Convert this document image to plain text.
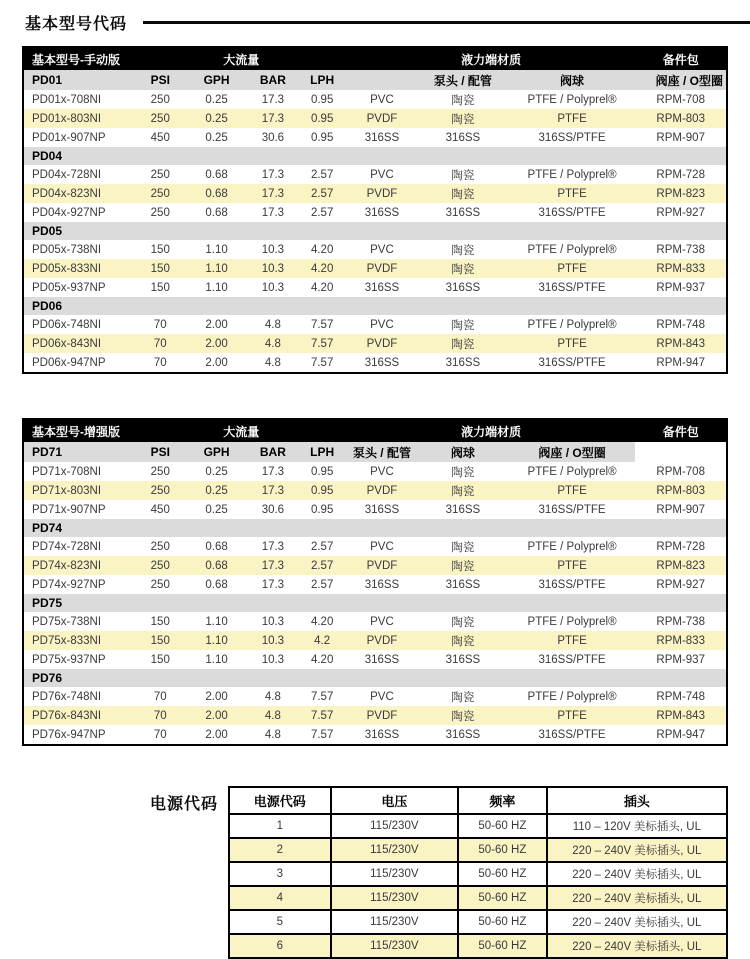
基本型号代码
基本型号-手动版	大流量				液力端材质			备件包
PD01	PSI	GPH	BAR	LPH		泵头 / 配管	阀球	阀座 / O型圈
PD01x-708NI	250	0.25	17.3	0.95	PVC	陶瓷	PTFE / Polyprel®	RPM-708
PD01x-803NI	250	0.25	17.3	0.95	PVDF	陶瓷	PTFE	RPM-803
PD01x-907NP	450	0.25	30.6	0.95	316SS	316SS	316SS/PTFE	RPM-907
PD04								
PD04x-728NI	250	0.68	17.3	2.57	PVC	陶瓷	PTFE / Polyprel®	RPM-728
PD04x-823NI	250	0.68	17.3	2.57	PVDF	陶瓷	PTFE	RPM-823
PD04x-927NP	250	0.68	17.3	2.57	316SS	316SS	316SS/PTFE	RPM-927
PD05								
PD05x-738NI	150	1.10	10.3	4.20	PVC	陶瓷	PTFE / Polyprel®	RPM-738
PD05x-833NI	150	1.10	10.3	4.20	PVDF	陶瓷	PTFE	RPM-833
PD05x-937NP	150	1.10	10.3	4.20	316SS	316SS	316SS/PTFE	RPM-937
PD06								
PD06x-748NI	70	2.00	4.8	7.57	PVC	陶瓷	PTFE / Polyprel®	RPM-748
PD06x-843NI	70	2.00	4.8	7.57	PVDF	陶瓷	PTFE	RPM-843
PD06x-947NP	70	2.00	4.8	7.57	316SS	316SS	316SS/PTFE	RPM-947
基本型号-增强版	大流量				液力端材质			备件包
PD71	PSI	GPH	BAR	LPH	泵头 / 配管	阀球	阀座 / O型圈	
PD71x-708NI	250	0.25	17.3	0.95	PVC	陶瓷	PTFE / Polyprel®	RPM-708
PD71x-803NI	250	0.25	17.3	0.95	PVDF	陶瓷	PTFE	RPM-803
PD71x-907NP	450	0.25	30.6	0.95	316SS	316SS	316SS/PTFE	RPM-907
PD74								
PD74x-728NI	250	0.68	17.3	2.57	PVC	陶瓷	PTFE / Polyprel®	RPM-728
PD74x-823NI	250	0.68	17.3	2.57	PVDF	陶瓷	PTFE	RPM-823
PD74x-927NP	250	0.68	17.3	2.57	316SS	316SS	316SS/PTFE	RPM-927
PD75								
PD75x-738NI	150	1.10	10.3	4.20	PVC	陶瓷	PTFE / Polyprel®	RPM-738
PD75x-833NI	150	1.10	10.3	4.2	PVDF	陶瓷	PTFE	RPM-833
PD75x-937NP	150	1.10	10.3	4.20	316SS	316SS	316SS/PTFE	RPM-937
PD76								
PD76x-748NI	70	2.00	4.8	7.57	PVC	陶瓷	PTFE / Polyprel®	RPM-748
PD76x-843NI	70	2.00	4.8	7.57	PVDF	陶瓷	PTFE	RPM-843
PD76x-947NP	70	2.00	4.8	7.57	316SS	316SS	316SS/PTFE	RPM-947
电源代码	电源代码	电压	频率	插头
1	115/230V	50-60 HZ	110 – 120V 美标插头, UL
2	115/230V	50-60 HZ	220 – 240V 美标插头, UL
3	115/230V	50-60 HZ	220 – 240V 美标插头, UL
4	115/230V	50-60 HZ	220 – 240V 美标插头, UL
5	115/230V	50-60 HZ	220 – 240V 美标插头, UL
6	115/230V	50-60 HZ	220 – 240V 美标插头, UL
